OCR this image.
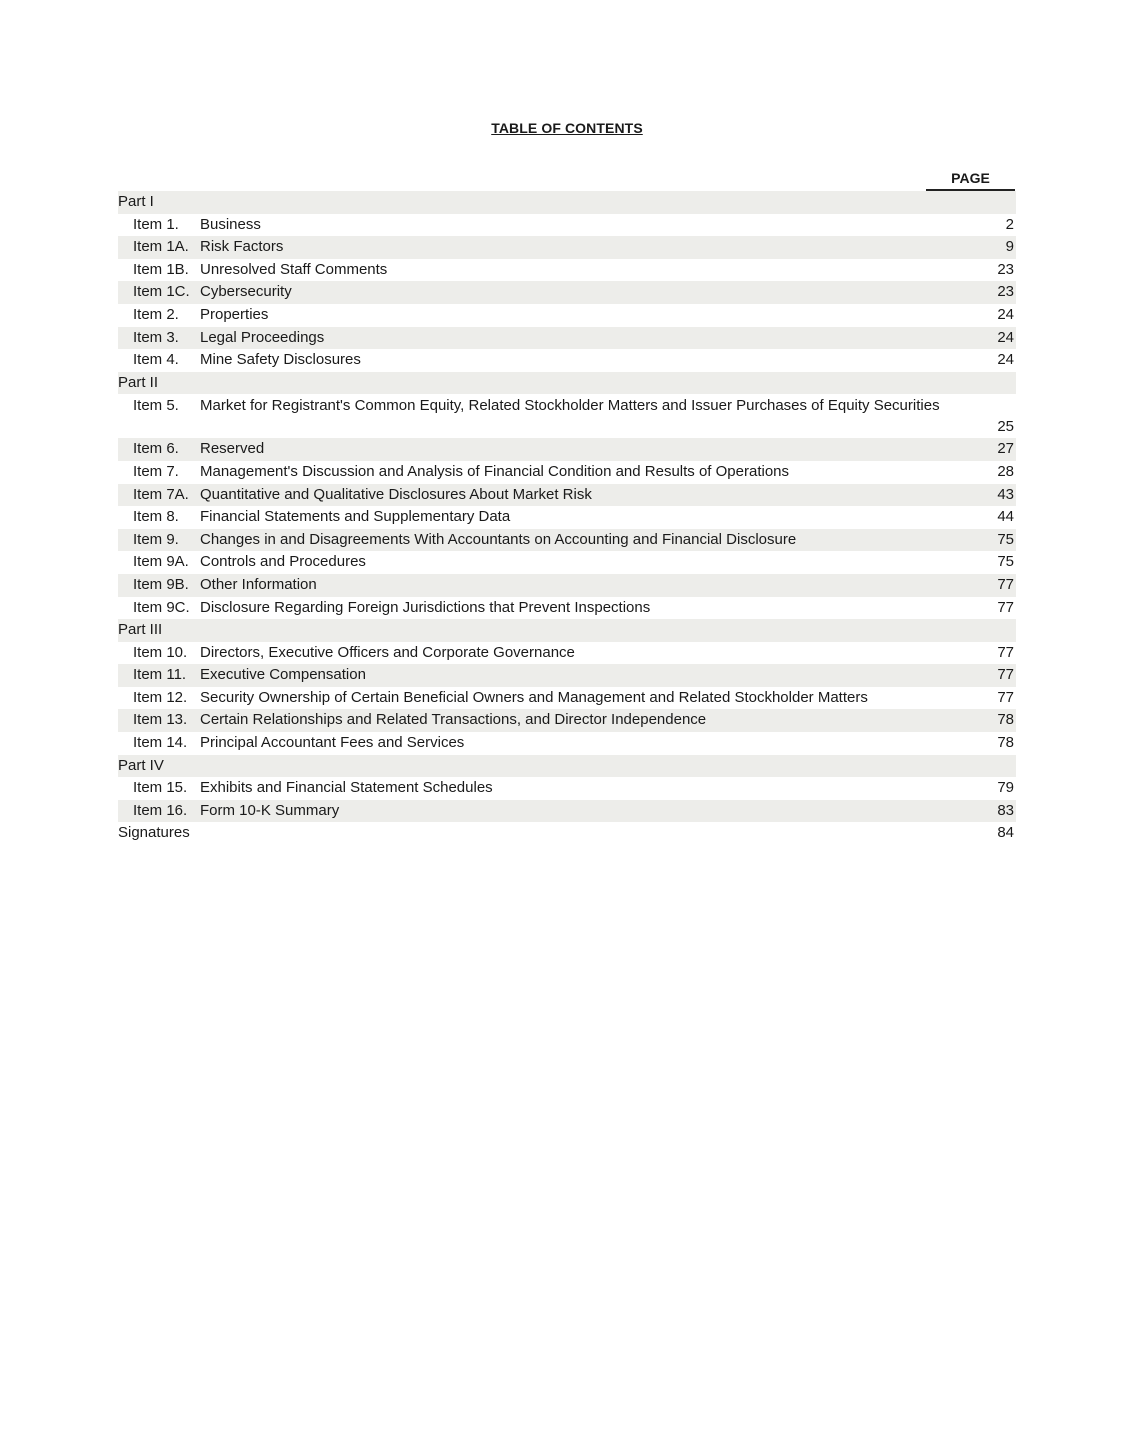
TABLE OF CONTENTS
PAGE
Part I
Item 1.	Business	2
Item 1A. Risk Factors	9
Item 1B. Unresolved Staff Comments	23
Item 1C. Cybersecurity	23
Item 2.	Properties	24
Item 3.	Legal Proceedings	24
Item 4.	Mine Safety Disclosures	24
Part II
Item 5.	Market for Registrant's Common Equity, Related Stockholder Matters and Issuer Purchases of Equity Securities
25
Item 6.	Reserved	27
Item 7.	Management's Discussion and Analysis of Financial Condition and Results of Operations	28
Item 7A. Quantitative and Qualitative Disclosures About Market Risk	43
Item 8.	Financial Statements and Supplementary Data	44
Item 9.	Changes in and Disagreements With Accountants on Accounting and Financial Disclosure	75
Item 9A. Controls and Procedures	75
Item 9B. Other Information	77
Item 9C. Disclosure Regarding Foreign Jurisdictions that Prevent Inspections	77
Part III
Item 10. Directors, Executive Officers and Corporate Governance	77
Item 11. Executive Compensation	77
Item 12. Security Ownership of Certain Beneficial Owners and Management and Related Stockholder Matters	77
Item 13. Certain Relationships and Related Transactions, and Director Independence	78
Item 14. Principal Accountant Fees and Services	78
Part IV
Item 15. Exhibits and Financial Statement Schedules	79
Item 16. Form 10-K Summary	83
Signatures	84
